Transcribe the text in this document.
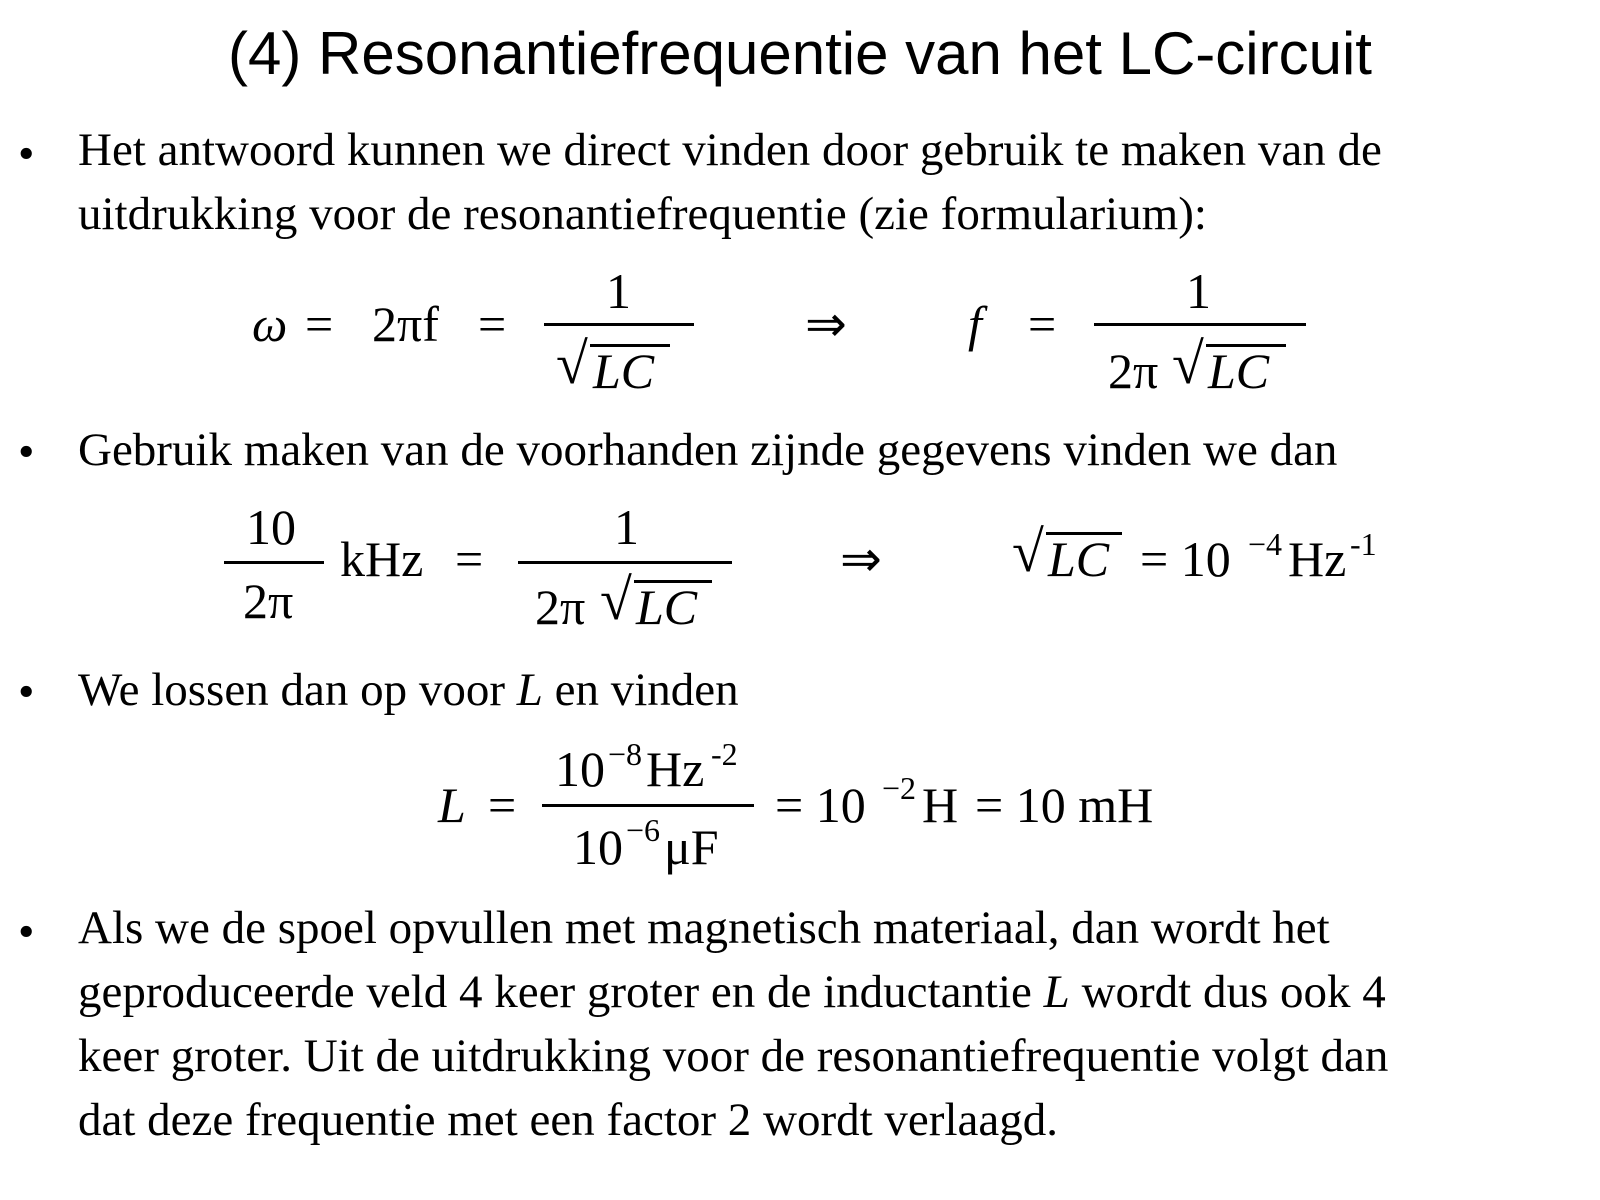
(4) Resonantiefrequentie van het LC-circuit
• Het antwoord kunnen we direct vinden door gebruik te maken van de

uitdrukking voor de resonantiefrequentie (zie formularium):

ω = 2πf =
1
√ LC
⇒ f =
1
2π √ LC
• Gebruik maken van de voorhanden zijnde gegevens vinden we dan

10
2π
kHz =
1
2π √ LC
⇒ √ LC = 10 −4 Hz -1
• We lossen dan op voor L en vinden

L =
10 −8 Hz -2
10 −6 μF
= 10 −2 H = 10 mH
• Als we de spoel opvullen met magnetisch materiaal, dan wordt het

geproduceerde veld 4 keer groter en de inductantie L wordt dus ook 4

keer groter. Uit de uitdrukking voor de resonantiefrequentie volgt dan

dat deze frequentie met een factor 2 wordt verlaagd.
